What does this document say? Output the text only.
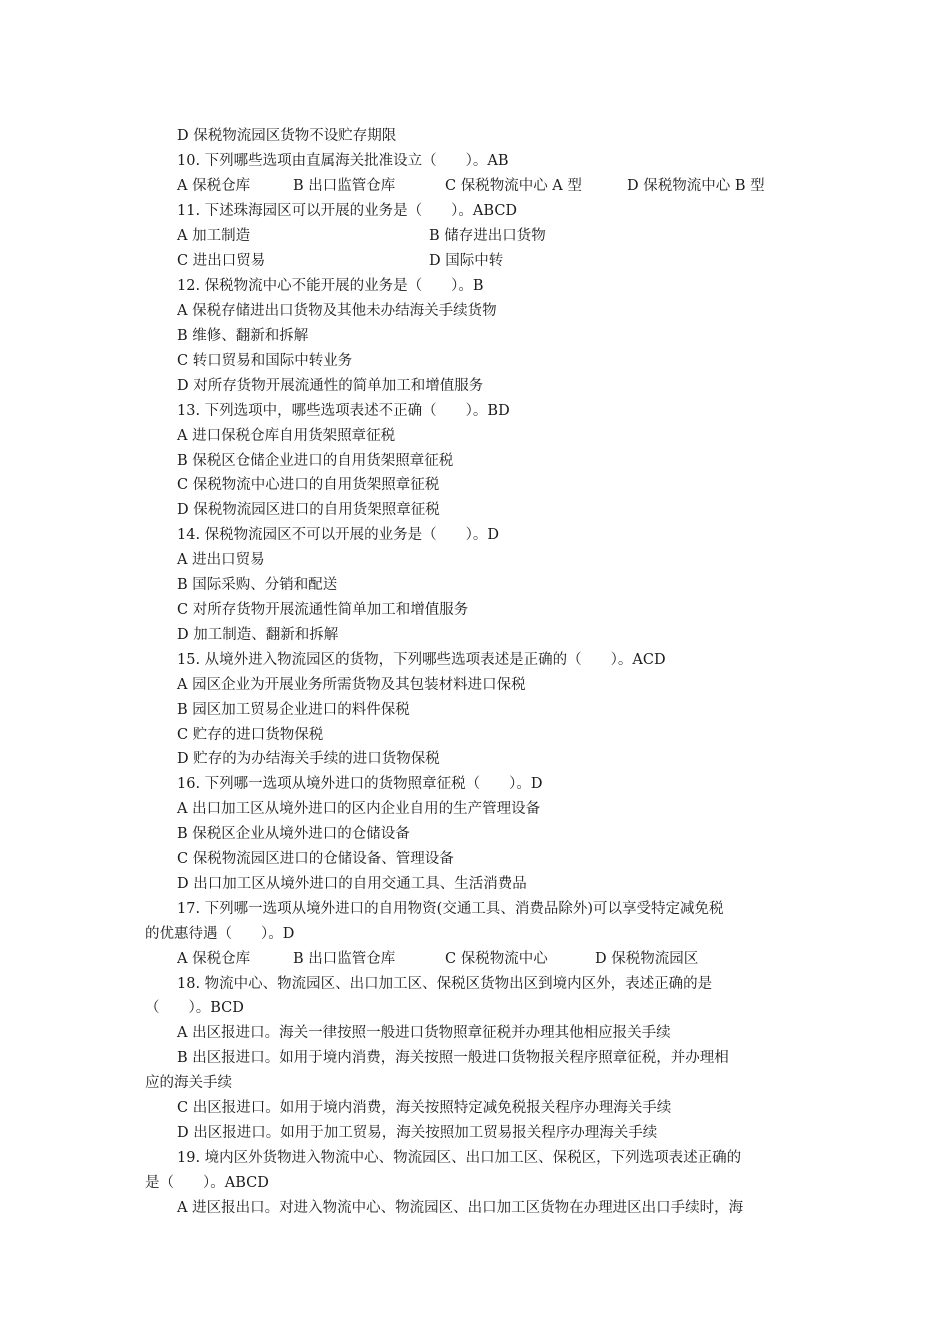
D 保税物流园区货物不设贮存期限
10. 下列哪些选项由直属海关批准设立（　　）。AB
A 保税仓库	B 出口监管仓库	C 保税物流中心 A 型	D 保税物流中心 B 型
11. 下述珠海园区可以开展的业务是（　　）。ABCD
A 加工制造	B 储存进出口货物
C 进出口贸易	D 国际中转
12. 保税物流中心不能开展的业务是（　　）。B
A 保税存储进出口货物及其他未办结海关手续货物
B 维修、翻新和拆解
C 转口贸易和国际中转业务
D 对所存货物开展流通性的简单加工和增值服务
13. 下列选项中，哪些选项表述不正确（　　）。BD
A 进口保税仓库自用货架照章征税
B 保税区仓储企业进口的自用货架照章征税
C 保税物流中心进口的自用货架照章征税
D 保税物流园区进口的自用货架照章征税
14. 保税物流园区不可以开展的业务是（　　）。D
A 进出口贸易
B 国际采购、分销和配送
C 对所存货物开展流通性简单加工和增值服务
D 加工制造、翻新和拆解
15. 从境外进入物流园区的货物，下列哪些选项表述是正确的（　　）。ACD
A 园区企业为开展业务所需货物及其包装材料进口保税
B 园区加工贸易企业进口的料件保税
C 贮存的进口货物保税
D 贮存的为办结海关手续的进口货物保税
16. 下列哪一选项从境外进口的货物照章征税（　　）。D
A 出口加工区从境外进口的区内企业自用的生产管理设备
B 保税区企业从境外进口的仓储设备
C 保税物流园区进口的仓储设备、管理设备
D 出口加工区从境外进口的自用交通工具、生活消费品
17. 下列哪一选项从境外进口的自用物资(交通工具、消费品除外)可以享受特定减免税
的优惠待遇（　　）。D
A 保税仓库	B 出口监管仓库	C 保税物流中心	D 保税物流园区
18. 物流中心、物流园区、出口加工区、保税区货物出区到境内区外，表述正确的是
（　　）。BCD
A 出区报进口。海关一律按照一般进口货物照章征税并办理其他相应报关手续
B 出区报进口。如用于境内消费，海关按照一般进口货物报关程序照章征税，并办理相
应的海关手续
C 出区报进口。如用于境内消费，海关按照特定减免税报关程序办理海关手续
D 出区报进口。如用于加工贸易，海关按照加工贸易报关程序办理海关手续
19. 境内区外货物进入物流中心、物流园区、出口加工区、保税区，下列选项表述正确的
是（　　）。ABCD
A 进区报出口。对进入物流中心、物流园区、出口加工区货物在办理进区出口手续时，海
